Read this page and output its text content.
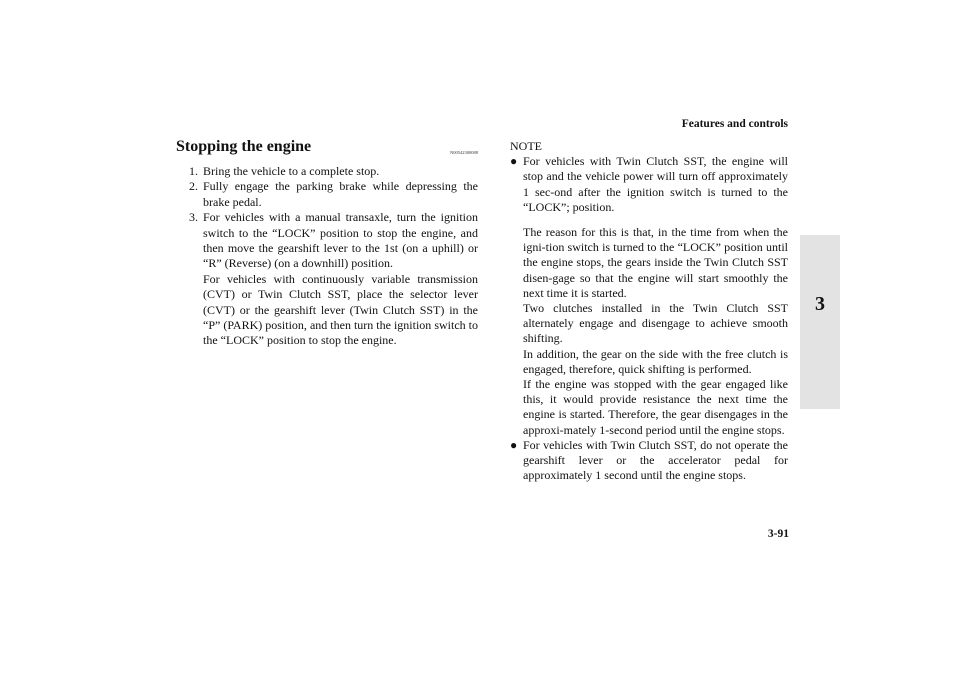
Features and controls
3
Stopping the engine	N00542300088
1. Bring the vehicle to a complete stop.
2. Fully engage the parking brake while depressing the brake pedal.
3. For vehicles with a manual transaxle, turn the ignition switch to the “LOCK” position to stop the engine, and then move the gearshift lever to the 1st (on a uphill) or “R” (Reverse) (on a downhill) position.
For vehicles with continuously variable transmission (CVT) or Twin Clutch SST, place the selector lever (CVT) or the gearshift lever (Twin Clutch SST) in the “P” (PARK) position, and then turn the ignition switch to the “LOCK” position to stop the engine.
NOTE
● For vehicles with Twin Clutch SST, the engine will stop and the vehicle power will turn off approximately 1 sec-ond after the ignition switch is turned to the “LOCK”; position.
The reason for this is that, in the time from when the igni-tion switch is turned to the “LOCK” position until the engine stops, the gears inside the Twin Clutch SST disen-gage so that the engine will start smoothly the next time it is started.
Two clutches installed in the Twin Clutch SST alternately engage and disengage to achieve smooth shifting.
In addition, the gear on the side with the free clutch is engaged, therefore, quick shifting is performed.
If the engine was stopped with the gear engaged like this, it would provide resistance the next time the engine is started. Therefore, the gear disengages in the approxi-mately 1-second period until the engine stops.
● For vehicles with Twin Clutch SST, do not operate the gearshift lever or the accelerator pedal for approximately 1 second until the engine stops.
3-91
